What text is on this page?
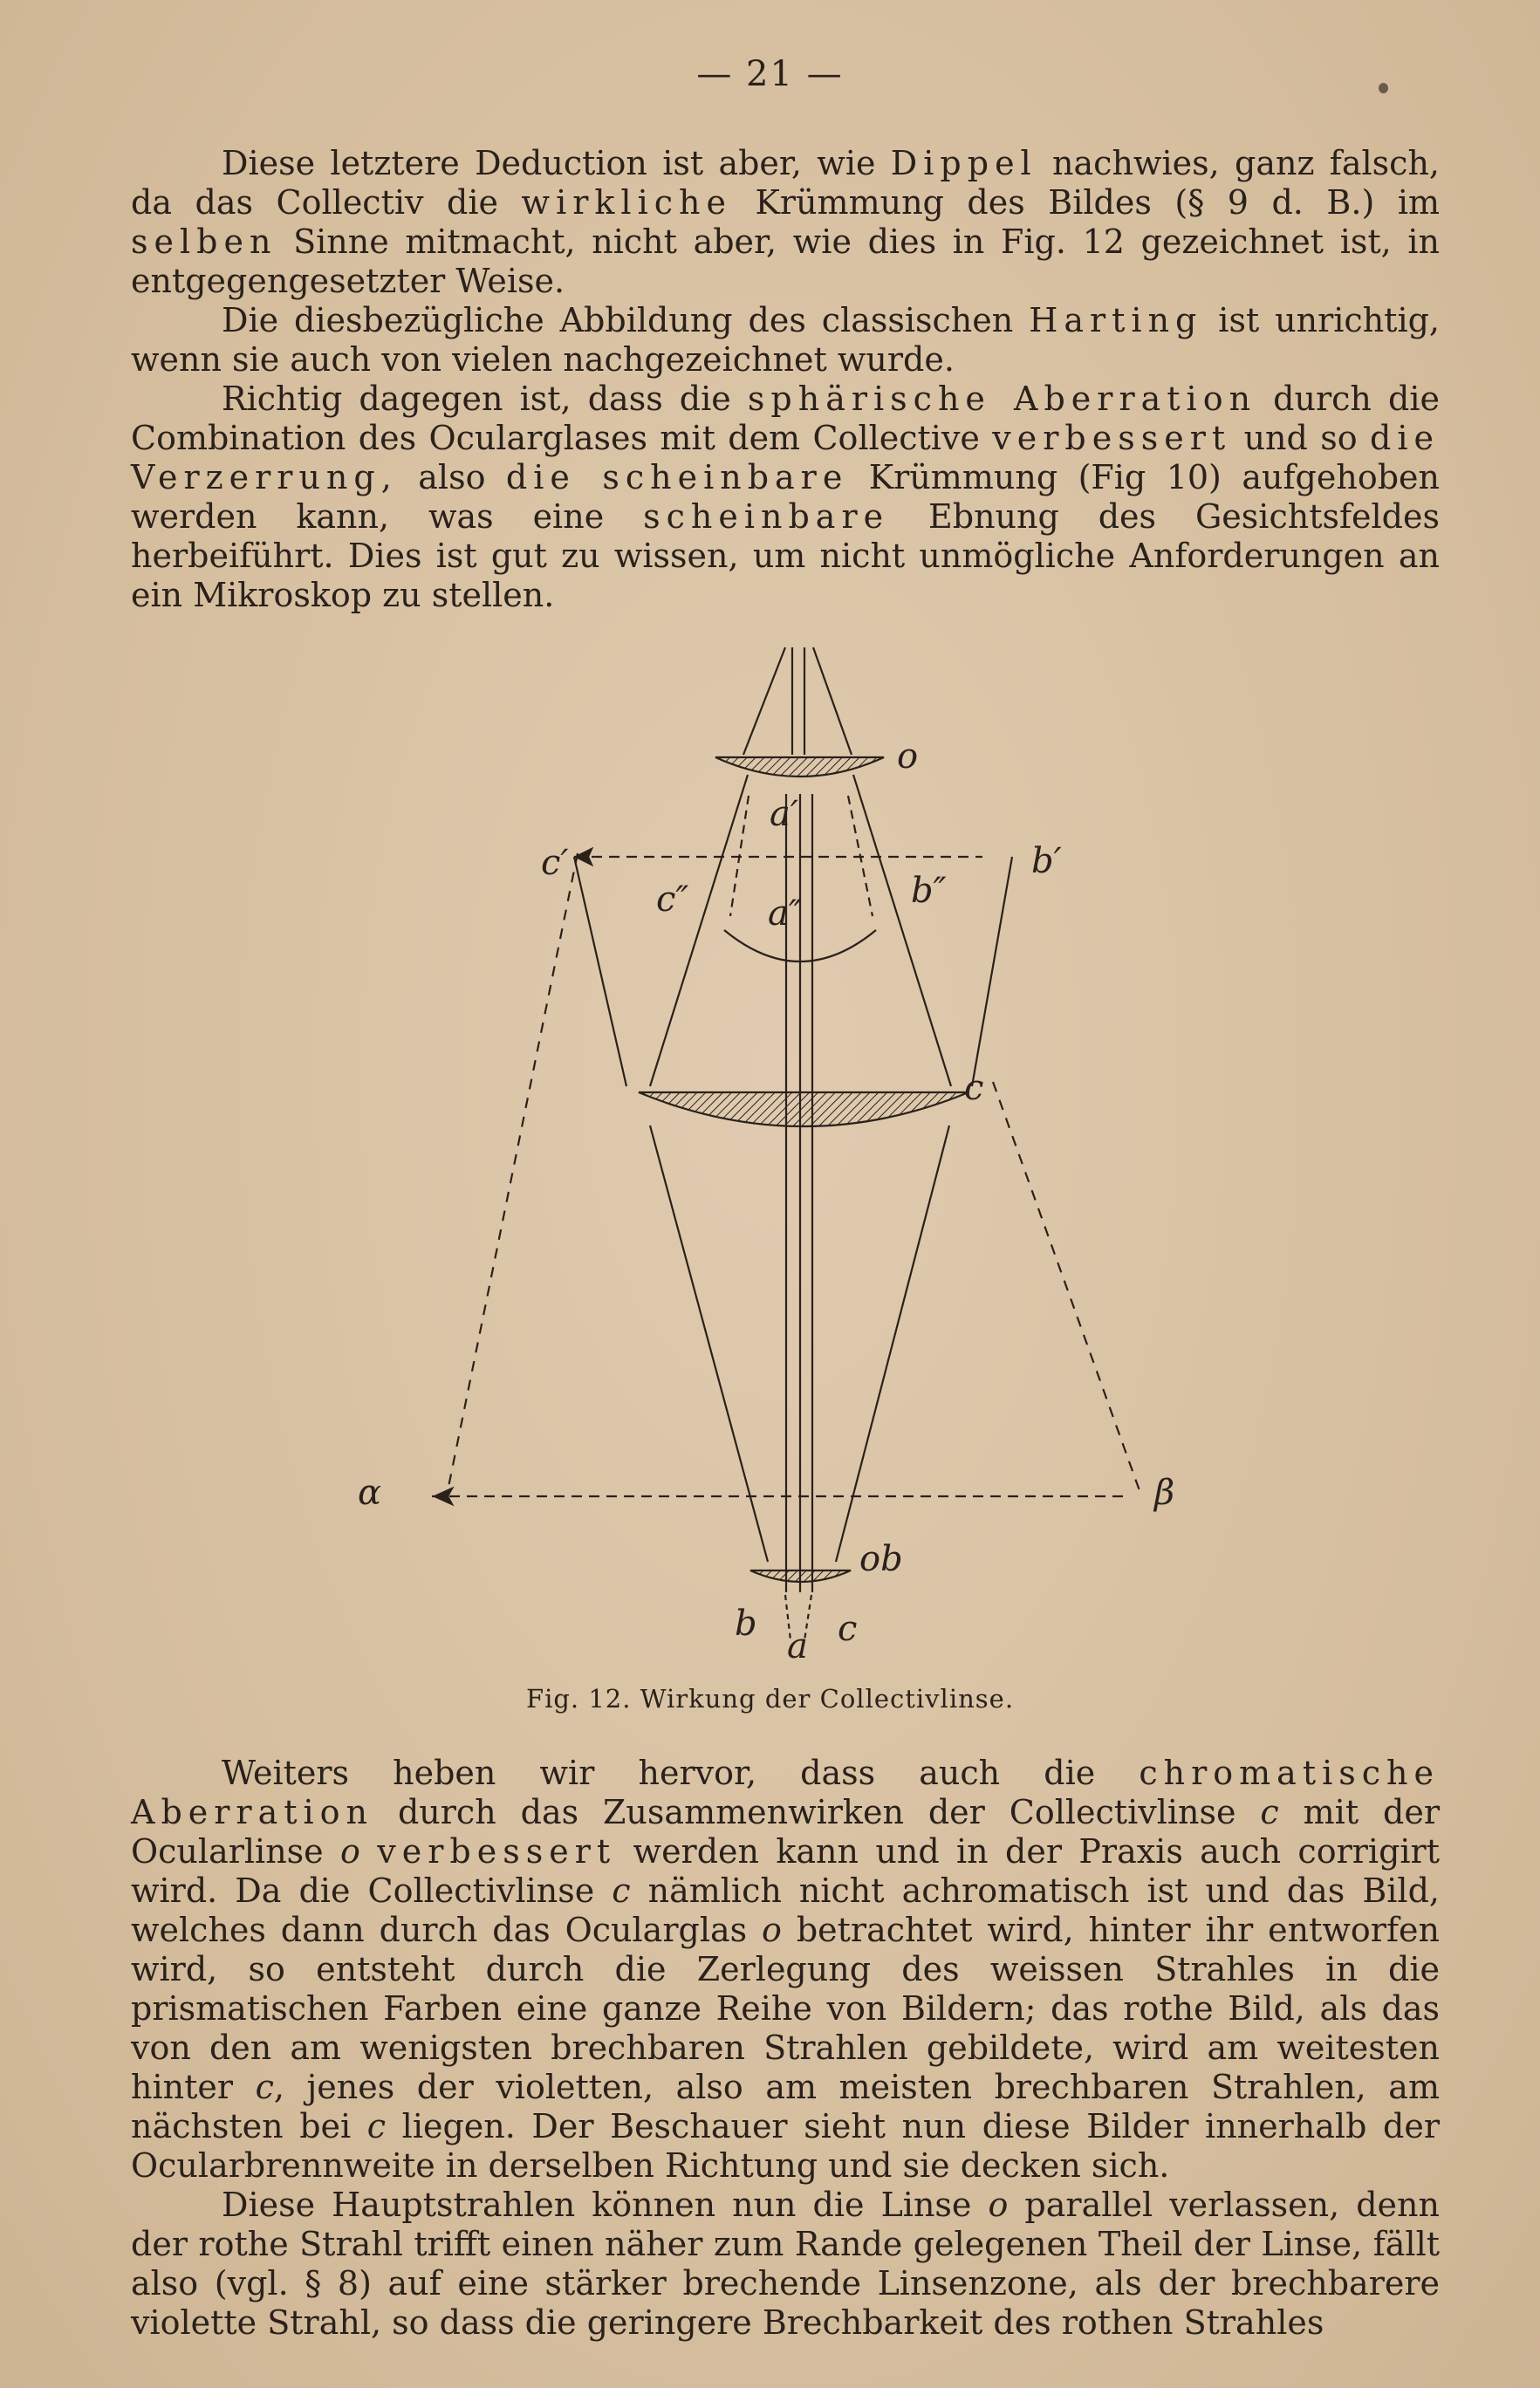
— 21 —

Diese letztere Deduction ist aber, wie Dippel nachwies, ganz falsch, da das Collectiv die wirkliche Krümmung des Bildes (§ 9 d. B.) im selben Sinne mitmacht, nicht aber, wie dies in Fig. 12 gezeichnet ist, in entgegengesetzter Weise.

Die diesbezügliche Abbildung des classischen Harting ist unrichtig, wenn sie auch von vielen nachgezeichnet wurde.

Richtig dagegen ist, dass die sphärische Aberration durch die Combination des Ocularglases mit dem Collective verbessert und so die Verzerrung, also die scheinbare Krümmung (Fig 10) aufgehoben werden kann, was eine scheinbare Ebnung des Gesichtsfeldes herbeiführt. Dies ist gut zu wissen, um nicht unmögliche Anforderungen an ein Mikroskop zu stellen.

o
a′
c′	b′
c″ a″
b″
c
α	β
ob
b
a c
Fig. 12. Wirkung der Collectivlinse.

Weiters heben wir hervor, dass auch die chromatische Aberration durch das Zusammenwirken der Collectivlinse c mit der Ocularlinse o verbessert werden kann und in der Praxis auch corrigirt wird. Da die Collectivlinse c nämlich nicht achromatisch ist und das Bild, welches dann durch das Ocularglas o betrachtet wird, hinter ihr entworfen wird, so entsteht durch die Zerlegung des weissen Strahles in die prismatischen Farben eine ganze Reihe von Bildern; das rothe Bild, als das von den am wenigsten brechbaren Strahlen gebildete, wird am weitesten hinter c, jenes der violetten, also am meisten brechbaren Strahlen, am nächsten bei c liegen. Der Beschauer sieht nun diese Bilder innerhalb der Ocularbrennweite in derselben Richtung und sie decken sich.

Diese Hauptstrahlen können nun die Linse o parallel verlassen, denn der rothe Strahl trifft einen näher zum Rande gelegenen Theil der Linse, fällt also (vgl. § 8) auf eine stärker brechende Linsenzone, als der brechbarere violette Strahl, so dass die geringere Brechbarkeit des rothen Strahles
